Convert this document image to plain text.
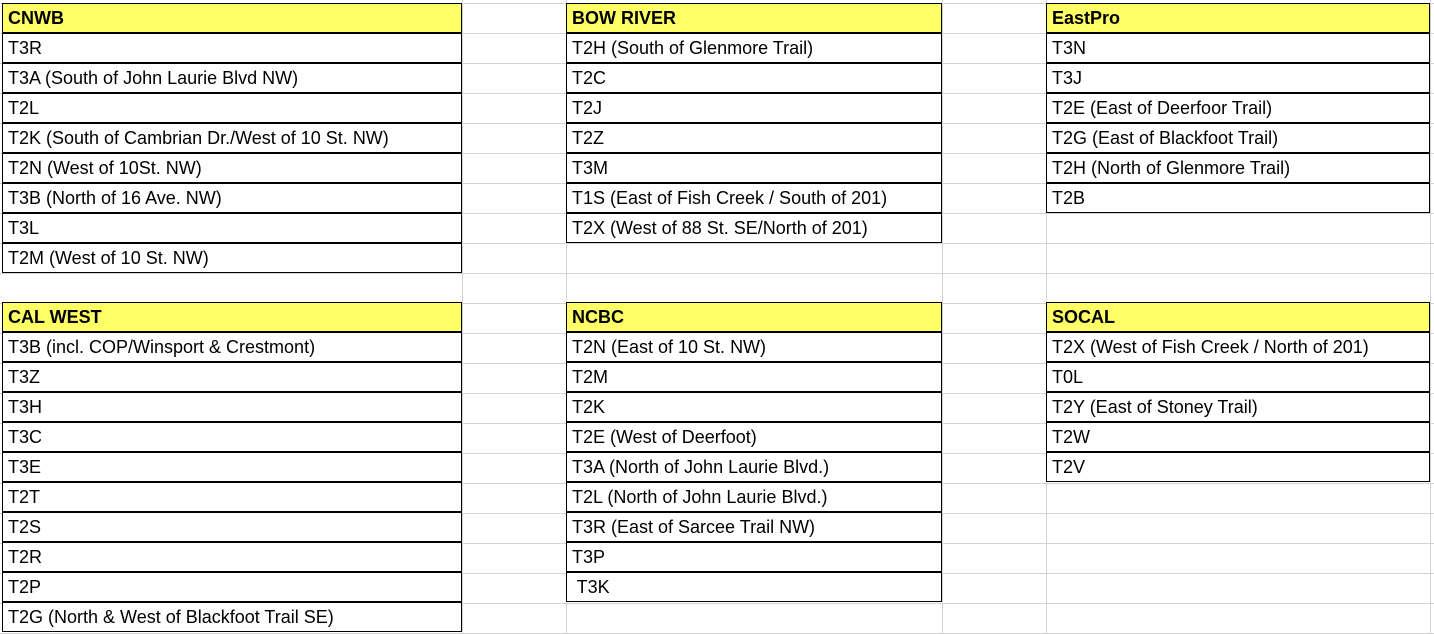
CNWB
T3R
T3A (South of John Laurie Blvd NW)
T2L
T2K (South of Cambrian Dr./West of 10 St. NW)
T2N (West of 10St. NW)
T3B (North of 16 Ave. NW)
T3L
T2M (West of 10 St. NW)
BOW RIVER
T2H (South of Glenmore Trail)
T2C
T2J
T2Z
T3M
T1S (East of Fish Creek / South of 201)
T2X (West of 88 St. SE/North of 201)
EastPro
T3N
T3J
T2E (East of Deerfoor Trail)
T2G (East of Blackfoot Trail)
T2H (North of Glenmore Trail)
T2B
CAL WEST
T3B (incl. COP/Winsport & Crestmont)
T3Z
T3H
T3C
T3E
T2T
T2S
T2R
T2P
T2G (North & West of Blackfoot Trail SE)
NCBC
T2N (East of 10 St. NW)
T2M
T2K
T2E (West of Deerfoot)
T3A (North of John Laurie Blvd.)
T2L (North of John Laurie Blvd.)
T3R (East of Sarcee Trail NW)
T3P
T3K
SOCAL
T2X (West of Fish Creek / North of 201)
T0L
T2Y (East of Stoney Trail)
T2W
T2V
